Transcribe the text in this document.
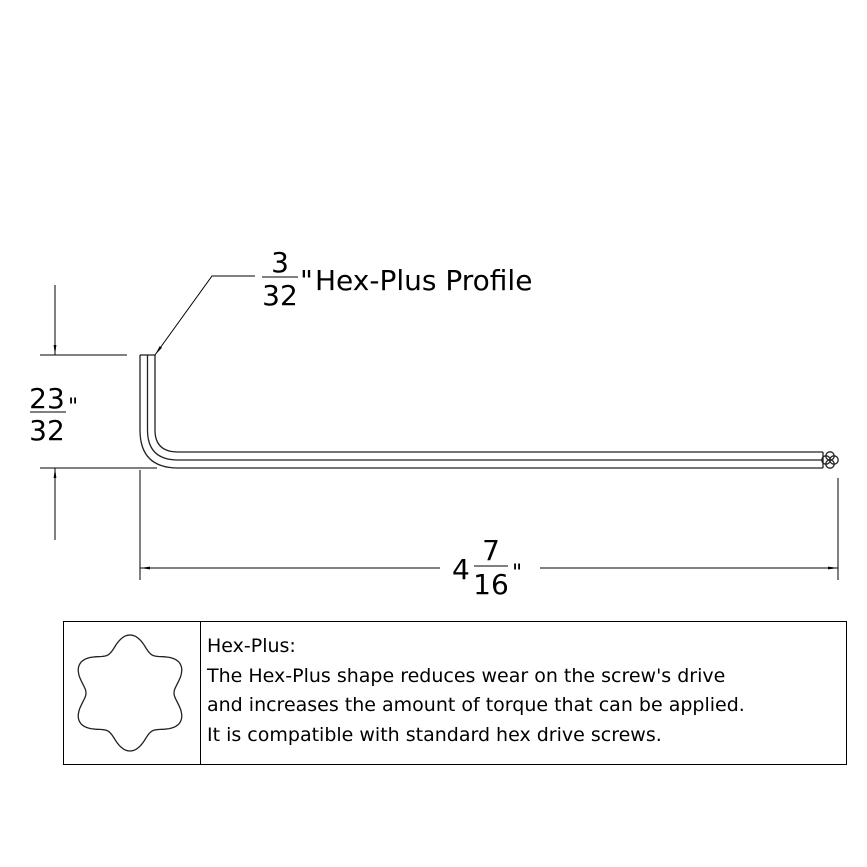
23
32
"
4
7
16 "
3
32 " Hex-Plus Profile
Hex-Plus:
The Hex-Plus shape reduces wear on the screw's drive
and increases the amount of torque that can be applied.
It is compatible with standard hex drive screws.
